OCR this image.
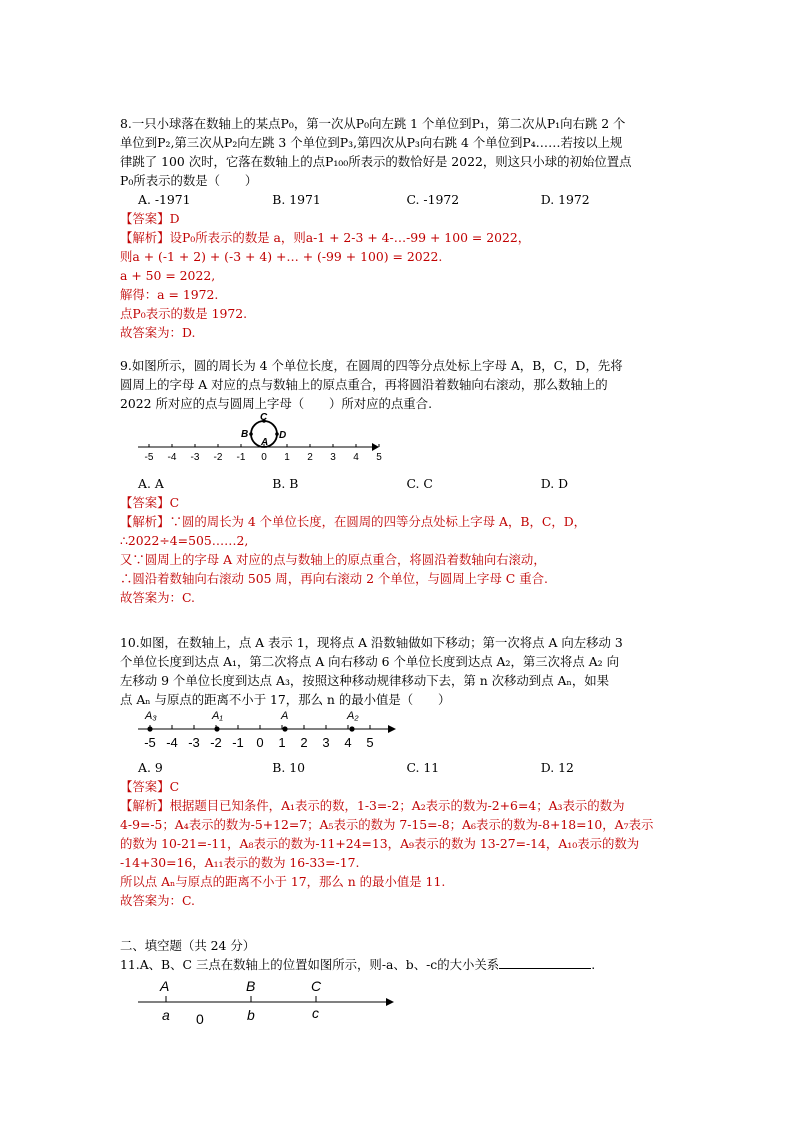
8.一只小球落在数轴上的某点P₀，第一次从P₀向左跳 1 个单位到P₁，第二次从P₁向右跳 2 个
单位到P₂,第三次从P₂向左跳 3 个单位到P₃,第四次从P₃向右跳 4 个单位到P₄……若按以上规
律跳了 100 次时，它落在数轴上的点P₁₀₀所表示的数恰好是 2022，则这只小球的初始位置点
P₀所表示的数是（　　）
A. -1971	B. 1971	C. -1972	D. 1972
【答案】D
【解析】设P₀所表示的数是 a，则a-1 + 2-3 + 4-…-99 + 100 = 2022，
则a + (-1 + 2) + (-3 + 4) +… + (-99 + 100) = 2022.
a + 50 = 2022,
解得：a = 1972.
点P₀表示的数是 1972.
故答案为：D.
9.如图所示，圆的周长为 4 个单位长度，在圆周的四等分点处标上字母 A，B，C，D，先将
圆周上的字母 A 对应的点与数轴上的原点重合，再将圆沿着数轴向右滚动，那么数轴上的
2022 所对应的点与圆周上字母（　　）所对应的点重合.
-5 -4 -3 -2 -1 0 1 2 3 4 5
C
B	D
A
A. A	B. B	C. C	D. D
【答案】C
【解析】∵圆的周长为 4 个单位长度，在圆周的四等分点处标上字母 A，B，C，D，
∴2022÷4=505……2,
又∵圆周上的字母 A 对应的点与数轴上的原点重合，将圆沿着数轴向右滚动，
∴圆沿着数轴向右滚动 505 周，再向右滚动 2 个单位，与圆周上字母 C 重合.
故答案为：C.
10.如图，在数轴上，点 A 表示 1，现将点 A 沿数轴做如下移动；第一次将点 A 向左移动 3
个单位长度到达点 A₁，第二次将点 A 向右移动 6 个单位长度到达点 A₂，第三次将点 A₂ 向
左移动 9 个单位长度到达点 A₃，按照这种移动规律移动下去，第 n 次移动到点 Aₙ，如果
点 Aₙ 与原点的距离不小于 17，那么 n 的最小值是（　　）
-5 -4 -3 -2 -1 0 1 2 3 4 5
A₃	A₁	A	A₂
A. 9	B. 10	C. 11	D. 12
【答案】C
【解析】根据题目已知条件，A₁表示的数，1-3=-2；A₂表示的数为-2+6=4；A₃表示的数为
4-9=-5；A₄表示的数为-5+12=7；A₅表示的数为 7-15=-8；A₆表示的数为-8+18=10，A₇表示
的数为 10-21=-11，A₈表示的数为-11+24=13，A₉表示的数为 13-27=-14，A₁₀表示的数为
-14+30=16，A₁₁表示的数为 16-33=-17.
所以点 Aₙ与原点的距离不小于 17，那么 n 的最小值是 11.
故答案为：C.
二、填空题（共 24 分）
11.A、B、C 三点在数轴上的位置如图所示，则-a、b、-c的大小关系	.
A	B	C
a 0	b	c
